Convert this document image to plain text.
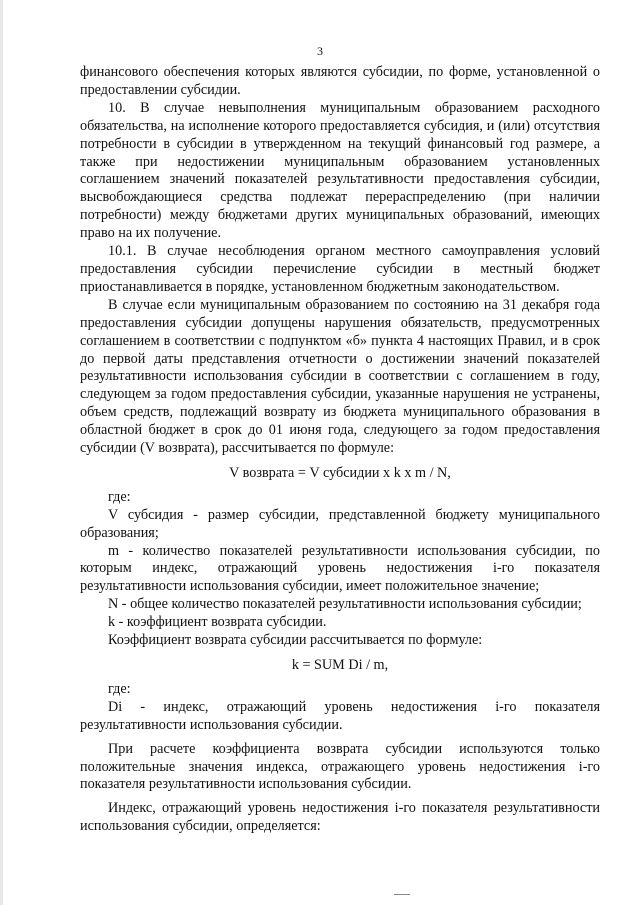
3

финансового обеспечения которых являются субсидии, по форме, установленной о предоставлении субсидии.

10. В случае невыполнения муниципальным образованием расходного обязательства, на исполнение которого предоставляется субсидия, и (или) отсутствия потребности в субсидии в утвержденном на текущий финансовый год размере, а также при недостижении муниципальным образованием установленных соглашением значений показателей результативности предоставления субсидии, высвобождающиеся средства подлежат перераспределению (при наличии потребности) между бюджетами других муниципальных образований, имеющих право на их получение.

10.1. В случае несоблюдения органом местного самоуправления условий предоставления субсидии перечисление субсидии в местный бюджет приостанавливается в порядке, установленном бюджетным законодательством.

В случае если муниципальным образованием по состоянию на 31 декабря года предоставления субсидии допущены нарушения обязательств, предусмотренных соглашением в соответствии с подпунктом «б» пункта 4 настоящих Правил, и в срок до первой даты представления отчетности о достижении значений показателей результативности использования субсидии в соответствии с соглашением в году, следующем за годом предоставления субсидии, указанные нарушения не устранены, объем средств, подлежащий возврату из бюджета муниципального образования в областной бюджет в срок до 01 июня года, следующего за годом предоставления субсидии (V возврата), рассчитывается по формуле:

V возврата = V субсидии x k x m / N,

где:

V субсидия - размер субсидии, представленной бюджету муниципального образования;

m - количество показателей результативности использования субсидии, по которым индекс, отражающий уровень недостижения i-го показателя результативности использования субсидии, имеет положительное значение;

N - общее количество показателей результативности использования субсидии;

k - коэффициент возврата субсидии.

Коэффициент возврата субсидии рассчитывается по формуле:

k = SUM Di / m,

где:

Di - индекс, отражающий уровень недостижения i-го показателя результативности использования субсидии.

При расчете коэффициента возврата субсидии используются только положительные значения индекса, отражающего уровень недостижения i-го показателя результативности использования субсидии.

Индекс, отражающий уровень недостижения i-го показателя результативности использования субсидии, определяется:
